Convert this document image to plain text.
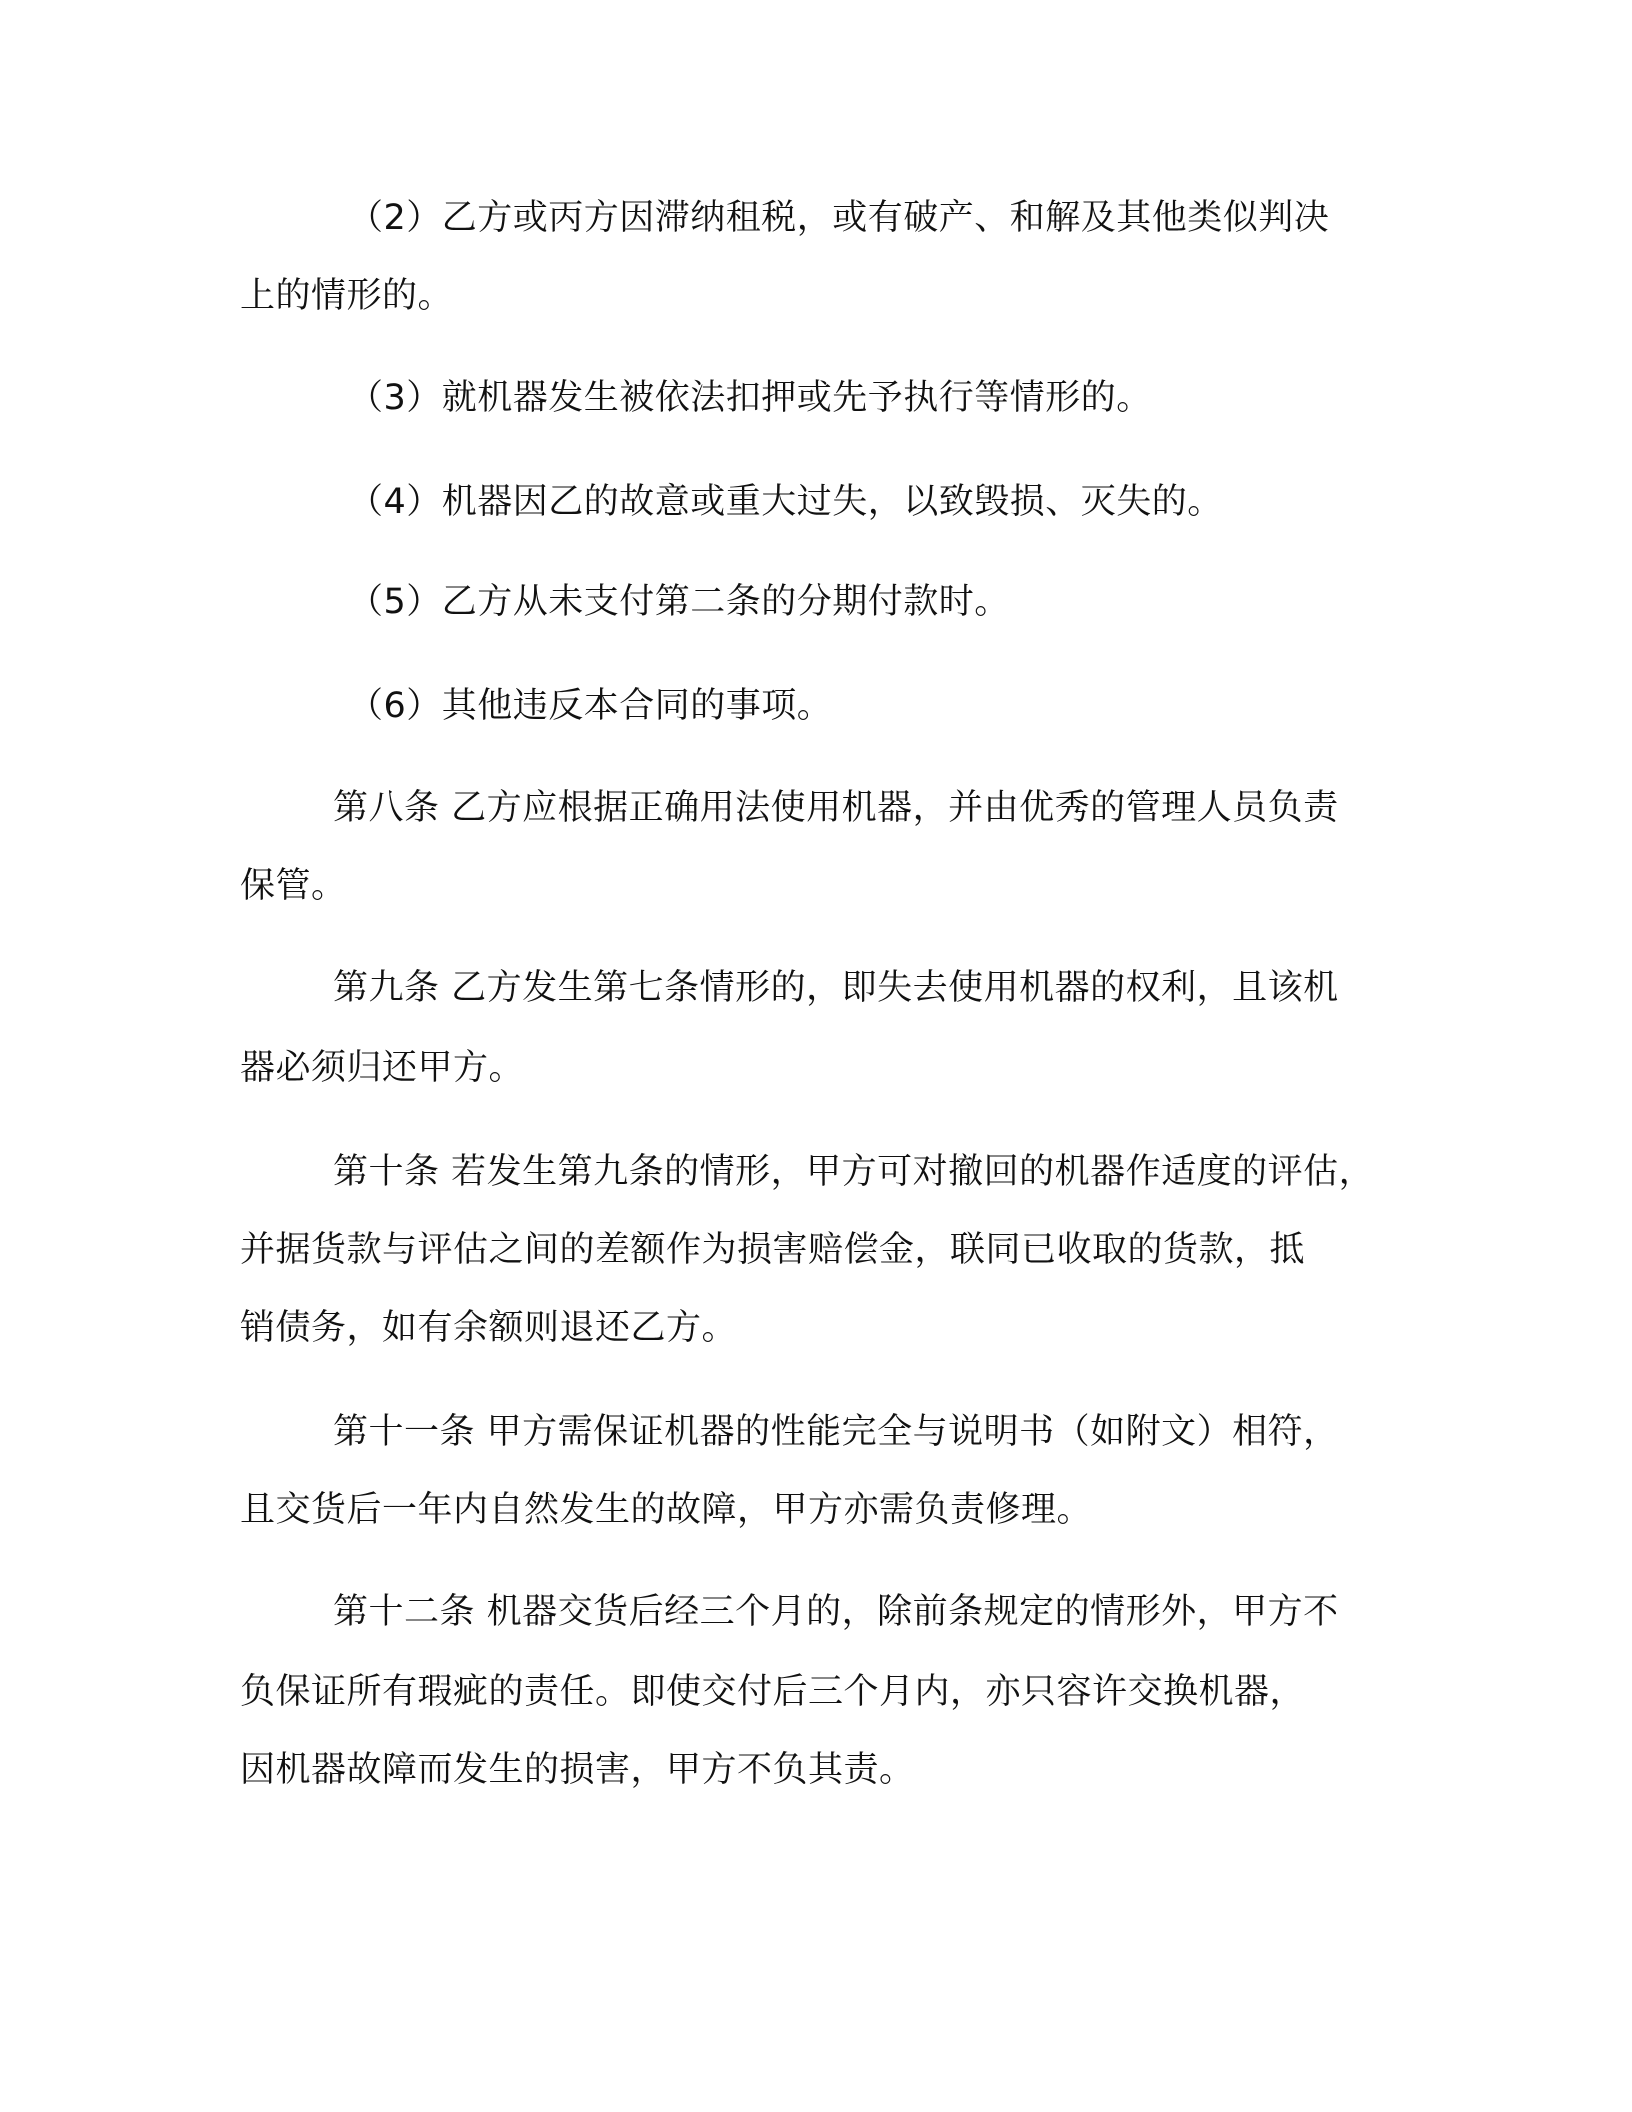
（2）乙方或丙方因滞纳租税，或有破产、和解及其他类似判决
上的情形的。
（3）就机器发生被依法扣押或先予执行等情形的。
（4）机器因乙的故意或重大过失，以致毁损、灭失的。
（5）乙方从未支付第二条的分期付款时。
（6）其他违反本合同的事项。
第八条 乙方应根据正确用法使用机器，并由优秀的管理人员负责
保管。
第九条 乙方发生第七条情形的，即失去使用机器的权利，且该机
器必须归还甲方。
第十条 若发生第九条的情形，甲方可对撤回的机器作适度的评估，
并据货款与评估之间的差额作为损害赔偿金，联同已收取的货款，抵
销债务，如有余额则退还乙方。
第十一条 甲方需保证机器的性能完全与说明书（如附文）相符，
且交货后一年内自然发生的故障，甲方亦需负责修理。
第十二条 机器交货后经三个月的，除前条规定的情形外，甲方不
负保证所有瑕疵的责任。即使交付后三个月内，亦只容许交换机器，
因机器故障而发生的损害，甲方不负其责。
